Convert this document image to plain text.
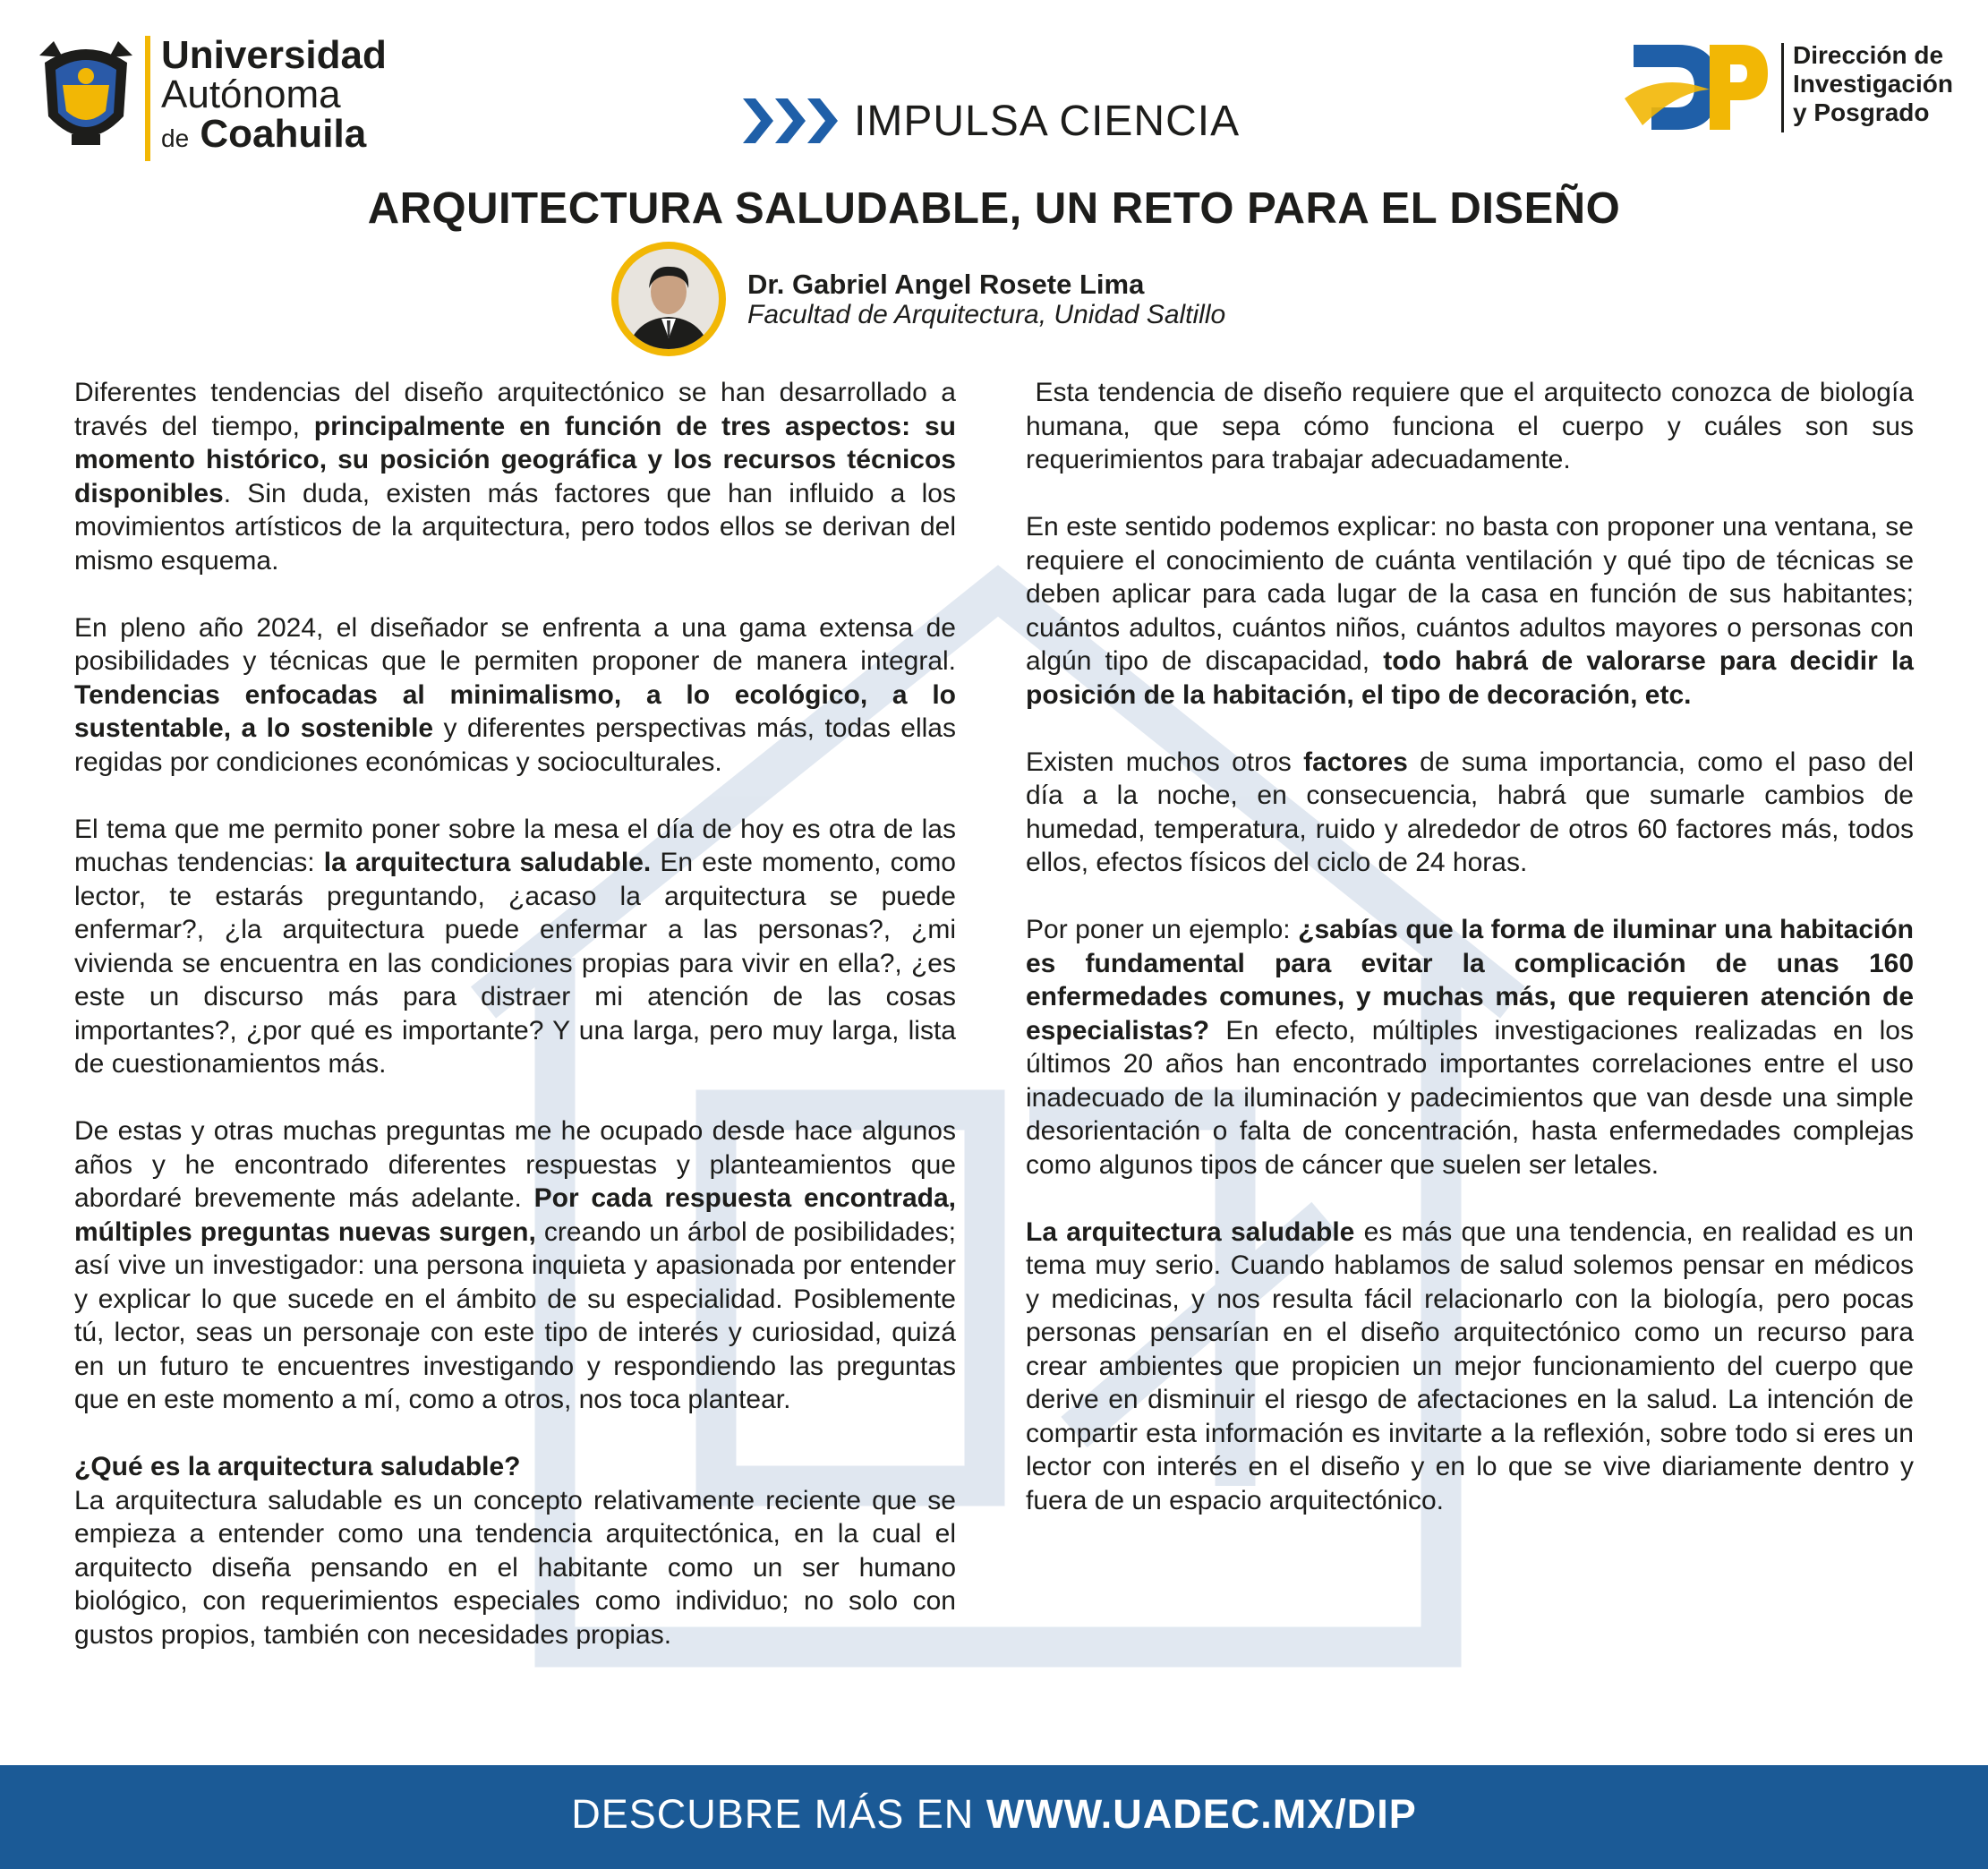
Universidad
Autónoma
de Coahuila	IMPULSA CIENCIA
Dirección de
Investigación
y Posgrado
ARQUITECTURA SALUDABLE, UN RETO PARA EL DISEÑO
Dr. Gabriel Angel Rosete Lima
Facultad de Arquitectura, Unidad Saltillo

Diferentes tendencias del diseño arquitectónico se han desarrollado a través del tiempo, principalmente en función de tres aspectos: su momento histórico, su posición geográfica y los recursos técnicos disponibles. Sin duda, existen más factores que han influido a los movimientos artísticos de la arquitectura, pero todos ellos se derivan del mismo esquema.

En pleno año 2024, el diseñador se enfrenta a una gama extensa de posibilidades y técnicas que le permiten proponer de manera integral. Tendencias enfocadas al minimalismo, a lo ecológico, a lo sustentable, a lo sostenible y diferentes perspectivas más, todas ellas regidas por condiciones económicas y socioculturales.

El tema que me permito poner sobre la mesa el día de hoy es otra de las muchas tendencias: la arquitectura saludable. En este momento, como lector, te estarás preguntando, ¿acaso la arquitectura se puede enfermar?, ¿la arquitectura puede enfermar a las personas?, ¿mi vivienda se encuentra en las condiciones propias para vivir en ella?, ¿es este un discurso más para distraer mi atención de las cosas importantes?, ¿por qué es importante? Y una larga, pero muy larga, lista de cuestionamientos más.

De estas y otras muchas preguntas me he ocupado desde hace algunos años y he encontrado diferentes respuestas y planteamientos que abordaré brevemente más adelante. Por cada respuesta encontrada, múltiples preguntas nuevas surgen, creando un árbol de posibilidades; así vive un investigador: una persona inquieta y apasionada por entender y explicar lo que sucede en el ámbito de su especialidad. Posiblemente tú, lector, seas un personaje con este tipo de interés y curiosidad, quizá en un futuro te encuentres investigando y respondiendo las preguntas que en este momento a mí, como a otros, nos toca plantear.

¿Qué es la arquitectura saludable?

La arquitectura saludable es un concepto relativamente reciente que se empieza a entender como una tendencia arquitectónica, en la cual el arquitecto diseña pensando en el habitante como un ser humano biológico, con requerimientos especiales como individuo; no solo con gustos propios, también con necesidades propias.

Esta tendencia de diseño requiere que el arquitecto conozca de biología humana, que sepa cómo funciona el cuerpo y cuáles son sus requerimientos para trabajar adecuadamente.

En este sentido podemos explicar: no basta con proponer una ventana, se requiere el conocimiento de cuánta ventilación y qué tipo de técnicas se deben aplicar para cada lugar de la casa en función de sus habitantes; cuántos adultos, cuántos niños, cuántos adultos mayores o personas con algún tipo de discapacidad, todo habrá de valorarse para decidir la posición de la habitación, el tipo de decoración, etc.

Existen muchos otros factores de suma importancia, como el paso del día a la noche, en consecuencia, habrá que sumarle cambios de humedad, temperatura, ruido y alrededor de otros 60 factores más, todos ellos, efectos físicos del ciclo de 24 horas.

Por poner un ejemplo: ¿sabías que la forma de iluminar una habitación es fundamental para evitar la complicación de unas 160 enfermedades comunes, y muchas más, que requieren atención de especialistas? En efecto, múltiples investigaciones realizadas en los últimos 20 años han encontrado importantes correlaciones entre el uso inadecuado de la iluminación y padecimientos que van desde una simple desorientación o falta de concentración, hasta enfermedades complejas como algunos tipos de cáncer que suelen ser letales.

La arquitectura saludable es más que una tendencia, en realidad es un tema muy serio. Cuando hablamos de salud solemos pensar en médicos y medicinas, y nos resulta fácil relacionarlo con la biología, pero pocas personas pensarían en el diseño arquitectónico como un recurso para crear ambientes que propicien un mejor funcionamiento del cuerpo que derive en disminuir el riesgo de afectaciones en la salud. La intención de compartir esta información es invitarte a la reflexión, sobre todo si eres un lector con interés en el diseño y en lo que se vive diariamente dentro y fuera de un espacio arquitectónico.

DESCUBRE MÁS EN WWW.UADEC.MX/DIP
